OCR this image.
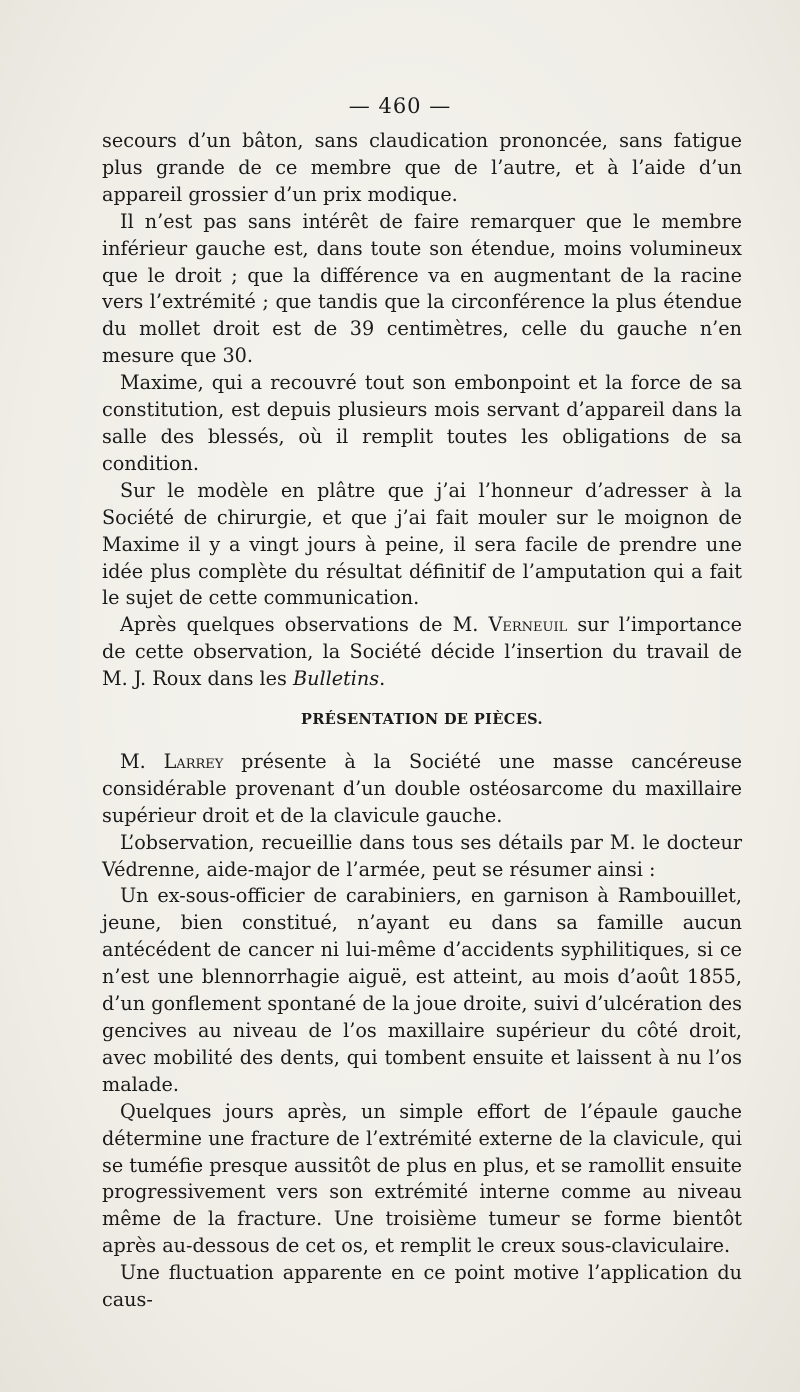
— 460 —

secours d’un bâton, sans claudication prononcée, sans fatigue plus grande de ce membre que de l’autre, et à l’aide d’un appareil grossier d’un prix modique.

Il n’est pas sans intérêt de faire remarquer que le membre inférieur gauche est, dans toute son étendue, moins volumineux que le droit ; que la différence va en augmentant de la racine vers l’extrémité ; que tandis que la circonférence la plus étendue du mollet droit est de 39 centimètres, celle du gauche n’en mesure que 30.

Maxime, qui a recouvré tout son embonpoint et la force de sa constitution, est depuis plusieurs mois servant d’appareil dans la salle des blessés, où il remplit toutes les obligations de sa condition.

Sur le modèle en plâtre que j’ai l’honneur d’adresser à la Société de chirurgie, et que j’ai fait mouler sur le moignon de Maxime il y a vingt jours à peine, il sera facile de prendre une idée plus complète du résultat définitif de l’amputation qui a fait le sujet de cette communication.

Après quelques observations de M. Verneuil sur l’importance de cette observation, la Société décide l’insertion du travail de M. J. Roux dans les Bulletins.

PRÉSENTATION DE PIÈCES.

M. Larrey présente à la Société une masse cancéreuse considérable provenant d’un double ostéosarcome du maxillaire supérieur droit et de la clavicule gauche.

L’observation, recueillie dans tous ses détails par M. le docteur Védrenne, aide-major de l’armée, peut se résumer ainsi :

Un ex-sous-officier de carabiniers, en garnison à Rambouillet, jeune, bien constitué, n’ayant eu dans sa famille aucun antécédent de cancer ni lui-même d’accidents syphilitiques, si ce n’est une blennorrhagie aiguë, est atteint, au mois d’août 1855, d’un gonflement spontané de la joue droite, suivi d’ulcération des gencives au niveau de l’os maxillaire supérieur du côté droit, avec mobilité des dents, qui tombent ensuite et laissent à nu l’os malade.

Quelques jours après, un simple effort de l’épaule gauche détermine une fracture de l’extrémité externe de la clavicule, qui se tuméfie presque aussitôt de plus en plus, et se ramollit ensuite progressivement vers son extrémité interne comme au niveau même de la fracture. Une troisième tumeur se forme bientôt après au-dessous de cet os, et remplit le creux sous-claviculaire.

Une fluctuation apparente en ce point motive l’application du caus-
